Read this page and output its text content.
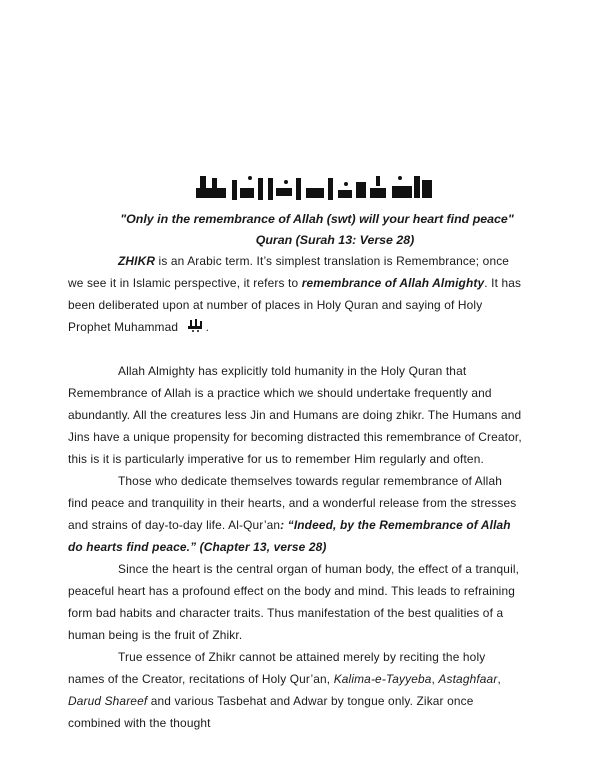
"Only in the remembrance of Allah (swt) will your heart find peace"
Quran (Surah 13: Verse 28)

ZHIKR is an Arabic term. It’s simplest translation is Remembrance; once we see it in Islamic perspective, it refers to remembrance of Allah Almighty. It has been deliberated upon at number of places in Holy Quran and saying of Holy Prophet Muhammad .

Allah Almighty has explicitly told humanity in the Holy Quran that Remembrance of Allah is a practice which we should undertake frequently and abundantly. All the creatures less Jin and Humans are doing zhikr. The Humans and Jins have a unique propensity for becoming distracted this remembrance of Creator, this is it is particularly imperative for us to remember Him regularly and often.

Those who dedicate themselves towards regular remembrance of Allah find peace and tranquility in their hearts, and a wonderful release from the stresses and strains of day-to-day life. Al-Qur’an: “Indeed, by the Remembrance of Allah do hearts find peace.” (Chapter 13, verse 28)

Since the heart is the central organ of human body, the effect of a tranquil, peaceful heart has a profound effect on the body and mind. This leads to refraining form bad habits and character traits. Thus manifestation of the best qualities of a human being is the fruit of Zhikr.

True essence of Zhikr cannot be attained merely by reciting the holy names of the Creator, recitations of Holy Qur’an, Kalima-e-Tayyeba, Astaghfaar, Darud Shareef and various Tasbehat and Adwar by tongue only. Zikar once combined with the thought
